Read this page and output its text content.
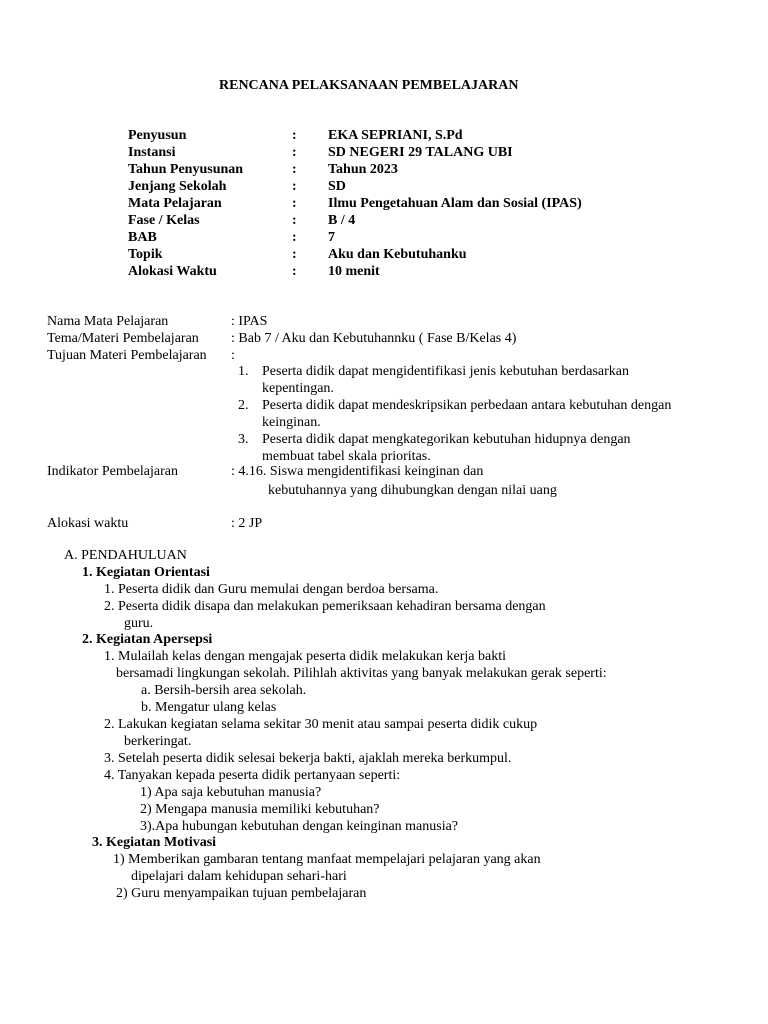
RENCANA PELAKSANAAN PEMBELAJARAN
Penyusun	: EKA SEPRIANI, S.Pd
Instansi	: SD NEGERI 29 TALANG UBI
Tahun Penyusunan	: Tahun 2023
Jenjang Sekolah	: SD
Mata Pelajaran	: Ilmu Pengetahuan Alam dan Sosial (IPAS)
Fase / Kelas	: B / 4
BAB	: 7
Topik	: Aku dan Kebutuhanku
Alokasi Waktu	: 10 menit
Nama Mata Pelajaran	: IPAS
Tema/Materi Pembelajaran : Bab 7 / Aku dan Kebutuhannku ( Fase B/Kelas 4)
Tujuan Materi Pembelajaran :
1. Peserta didik dapat mengidentifikasi jenis kebutuhan berdasarkan
kepentingan.
2. Peserta didik dapat mendeskripsikan perbedaan antara kebutuhan dengan
keinginan.
3. Peserta didik dapat mengkategorikan kebutuhan hidupnya dengan
membuat tabel skala prioritas.
Indikator Pembelajaran	: 4.16. Siswa mengidentifikasi keinginan dan
kebutuhannya yang dihubungkan dengan nilai uang
Alokasi waktu	: 2 JP
A. PENDAHULUAN
1. Kegiatan Orientasi
1. Peserta didik dan Guru memulai dengan berdoa bersama.
2. Peserta didik disapa dan melakukan pemeriksaan kehadiran bersama dengan
guru.
2. Kegiatan Apersepsi
1. Mulailah kelas dengan mengajak peserta didik melakukan kerja bakti
bersamadi lingkungan sekolah. Pilihlah aktivitas yang banyak melakukan gerak seperti:
a. Bersih-bersih area sekolah.
b. Mengatur ulang kelas
2. Lakukan kegiatan selama sekitar 30 menit atau sampai peserta didik cukup
berkeringat.
3. Setelah peserta didik selesai bekerja bakti, ajaklah mereka berkumpul.
4. Tanyakan kepada peserta didik pertanyaan seperti:
1) Apa saja kebutuhan manusia?
2) Mengapa manusia memiliki kebutuhan?
3).Apa hubungan kebutuhan dengan keinginan manusia?
3. Kegiatan Motivasi
1) Memberikan gambaran tentang manfaat mempelajari pelajaran yang akan
dipelajari dalam kehidupan sehari-hari
2) Guru menyampaikan tujuan pembelajaran
